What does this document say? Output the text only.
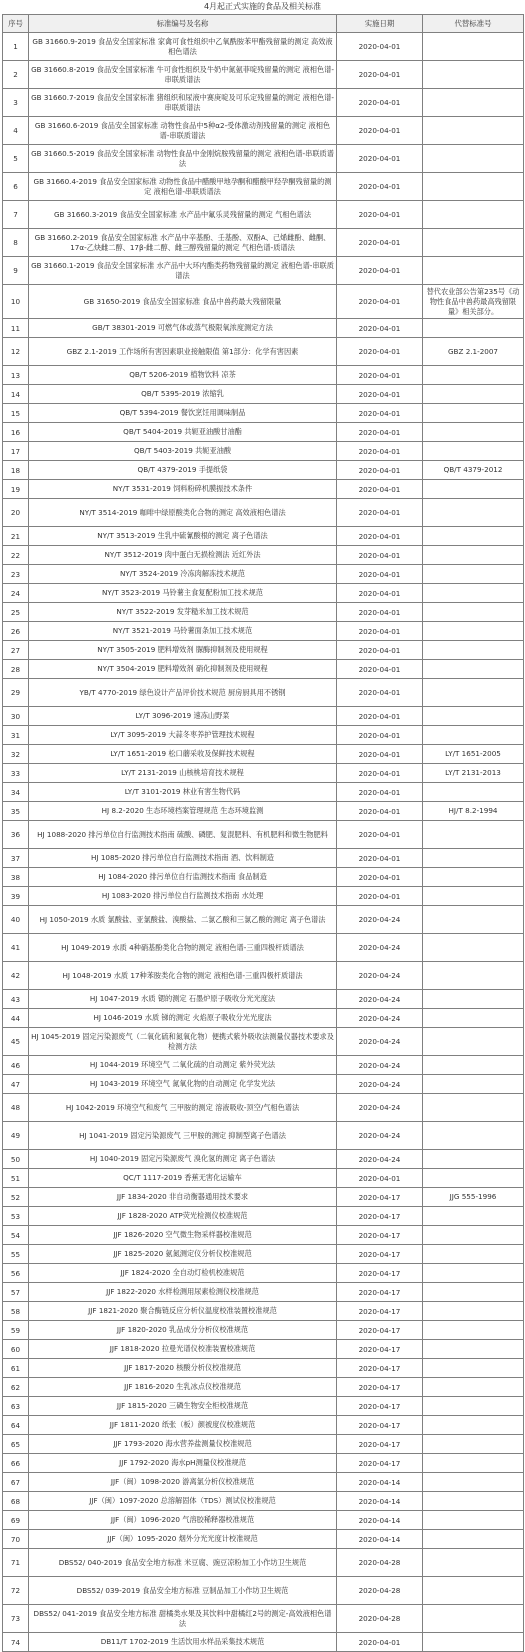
4月起正式实施的食品及相关标准
序号	标准编号及名称	实施日期	代替标准号
1	GB 31660.9-2019 食品安全国家标准 家禽可食性组织中乙氧酰胺苯甲酯残留量的测定 高效液相色谱法	2020-04-01	
2	GB 31660.8-2019 食品安全国家标准 牛可食性组织及牛奶中氮氨菲啶残留量的测定 液相色谱-串联质谱法	2020-04-01	
3	GB 31660.7-2019 食品安全国家标准 猪组织和尿液中赛庚啶及可乐定残留量的测定 液相色谱-串联质谱法	2020-04-01	
4	GB 31660.6-2019 食品安全国家标准 动物性食品中5种α2-受体激动剂残留量的测定 液相色谱-串联质谱法	2020-04-01	
5	GB 31660.5-2019 食品安全国家标准 动物性食品中金刚烷胺残留量的测定 液相色谱-串联质谱法	2020-04-01	
6	GB 31660.4-2019 食品安全国家标准 动物性食品中醋酸甲地孕酮和醋酸甲羟孕酮残留量的测定 液相色谱-串联质谱法	2020-04-01	
7	GB 31660.3-2019 食品安全国家标准 水产品中氟乐灵残留量的测定 气相色谱法	2020-04-01	
8	GB 31660.2-2019 食品安全国家标准 水产品中辛基酚、壬基酚、双酚A、己烯雌酚、雌酮、17α-乙炔雌二醇、17β-雌二醇、雌三醇残留量的测定 气相色谱-质谱法	2020-04-01	
9	GB 31660.1-2019 食品安全国家标准 水产品中大环内酯类药物残留量的测定 液相色谱-串联质谱法	2020-04-01	
10	GB 31650-2019 食品安全国家标准 食品中兽药最大残留限量	2020-04-01	替代农业部公告第235号《动物性食品中兽药最高残留限量》相关部分。
11	GB/T 38301-2019 可燃气体或蒸气极限氧浓度测定方法	2020-04-01	
12	GBZ 2.1-2019 工作场所有害因素职业接触限值 第1部分：化学有害因素	2020-04-01	GBZ 2.1-2007
13	QB/T 5206-2019 植物饮料 凉茶	2020-04-01	
14	QB/T 5395-2019 浓缩乳	2020-04-01	
15	QB/T 5394-2019 餐饮烹饪用调味制品	2020-04-01	
16	QB/T 5404-2019 共轭亚油酸甘油酯	2020-04-01	
17	QB/T 5403-2019 共轭亚油酸	2020-04-01	
18	QB/T 4379-2019 手提纸袋	2020-04-01	QB/T 4379-2012
19	NY/T 3531-2019 饲料粉碎机膜振技术条件	2020-04-01	
20	NY/T 3514-2019 咖啡中绿原酸类化合物的测定 高效液相色谱法	2020-04-01	
21	NY/T 3513-2019 生乳中硫氰酸根的测定 离子色谱法	2020-04-01	
22	NY/T 3512-2019 肉中蛋白无损检测法 近红外法	2020-04-01	
23	NY/T 3524-2019 冷冻肉解冻技术规范	2020-04-01	
24	NY/T 3523-2019 马铃薯主食复配粉加工技术规范	2020-04-01	
25	NY/T 3522-2019 发芽糙米加工技术规范	2020-04-01	
26	NY/T 3521-2019 马铃薯面条加工技术规范	2020-04-01	
27	NY/T 3505-2019 肥料增效剂 脲酶抑制剂及使用规程	2020-04-01	
28	NY/T 3504-2019 肥料增效剂 硝化抑制剂及使用规程	2020-04-01	
29	YB/T 4770-2019 绿色设计产品评价技术规范 厨房厨具用不锈钢	2020-04-01	
30	LY/T 3096-2019 速冻山野菜	2020-04-01	
31	LY/T 3095-2019 大蒜冬枣养护管理技术规程	2020-04-01	
32	LY/T 1651-2019 松口蘑采收及保鲜技术规程	2020-04-01	LY/T 1651-2005
33	LY/T 2131-2019 山核桃培育技术规程	2020-04-01	LY/T 2131-2013
34	LY/T 3101-2019 林业有害生物代码	2020-04-01	
35	HJ 8.2-2020 生态环境档案管理规范 生态环境监测	2020-04-01	HJ/T 8.2-1994
36	HJ 1088-2020 排污单位自行监测技术指南 硫酸、磷肥、复混肥料、有机肥料和微生物肥料	2020-04-01	
37	HJ 1085-2020 排污单位自行监测技术指南 酒、饮料制造	2020-04-01	
38	HJ 1084-2020 排污单位自行监测技术指南 食品制造	2020-04-01	
39	HJ 1083-2020 排污单位自行监测技术指南 水处理	2020-04-01	
40	HJ 1050-2019 水质 氯酸盐、亚氯酸盐、溴酸盐、二氯乙酸和三氯乙酸的测定 离子色谱法	2020-04-24	
41	HJ 1049-2019 水质 4种硝基酚类化合物的测定 液相色谱-三重四极杆质谱法	2020-04-24	
42	HJ 1048-2019 水质 17种苯胺类化合物的测定 液相色谱-三重四极杆质谱法	2020-04-24	
43	HJ 1047-2019 水质 锶的测定 石墨炉原子吸收分光光度法	2020-04-24	
44	HJ 1046-2019 水质 锑的测定 火焰原子吸收分光光度法	2020-04-24	
45	HJ 1045-2019 固定污染源废气（二氧化硫和氮氧化物）便携式紫外吸收法测量仪器技术要求及检测方法	2020-04-24	
46	HJ 1044-2019 环境空气 二氧化硫的自动测定 紫外荧光法	2020-04-24	
47	HJ 1043-2019 环境空气 氮氧化物的自动测定 化学发光法	2020-04-24	
48	HJ 1042-2019 环境空气和废气 三甲胺的测定 溶液吸收-顶空/气相色谱法	2020-04-24	
49	HJ 1041-2019 固定污染源废气 三甲胺的测定 抑制型离子色谱法	2020-04-24	
50	HJ 1040-2019 固定污染源废气 溴化氢的测定 离子色谱法	2020-04-24	
51	QC/T 1117-2019 香蕉无害化运输车	2020-04-01	
52	JJF 1834-2020 非自动衡器通用技术要求	2020-04-17	JJG 555-1996
53	JJF 1828-2020 ATP荧光检测仪校准规范	2020-04-17	
54	JJF 1826-2020 空气微生物采样器校准规范	2020-04-17	
55	JJF 1825-2020 氨氮测定仪分析仪校准规范	2020-04-17	
56	JJF 1824-2020 全自动灯检机校准规范	2020-04-17	
57	JJF 1822-2020 水样检测用尿素检测仪校准规范	2020-04-17	
58	JJF 1821-2020 聚合酶链反应分析仪温度校准装置校准规范	2020-04-17	
59	JJF 1820-2020 乳品成分分析仪校准规范	2020-04-17	
60	JJF 1818-2020 拉曼光谱仪校准装置校准规范	2020-04-17	
61	JJF 1817-2020 核酸分析仪校准规范	2020-04-17	
62	JJF 1816-2020 生乳冰点仪校准规范	2020-04-17	
63	JJF 1815-2020 三磷生物安全柜校准规范	2020-04-17	
64	JJF 1811-2020 纸张（板）颜被度仪校准规范	2020-04-17	
65	JJF 1793-2020 海水营养盐测量仪校准规范	2020-04-17	
66	JJF 1792-2020 海水pH测量仪校准规范	2020-04-17	
67	JJF（闽）1098-2020 游离氯分析仪校准规范	2020-04-14	
68	JJF（闽）1097-2020 总溶解固体（TDS）测试仪校准规范	2020-04-14	
69	JJF（闽）1096-2020 气溶胶稀释器校准规范	2020-04-14	
70	JJF（闽）1095-2020 烟外分光光度计校准规范	2020-04-14	
71	DBS52/ 040-2019 食品安全地方标准 米豆腐、豌豆凉粉加工小作坊卫生规范	2020-04-28	
72	DBS52/ 039-2019 食品安全地方标准 豆制品加工小作坊卫生规范	2020-04-28	
73	DBS52/ 041-2019 食品安全地方标准 甜橘类水果及其饮料中甜橘红2号的测定-高效液相色谱法	2020-04-28	
74	DB11/T 1702-2019 生活饮用水样品采集技术规范	2020-04-01	
